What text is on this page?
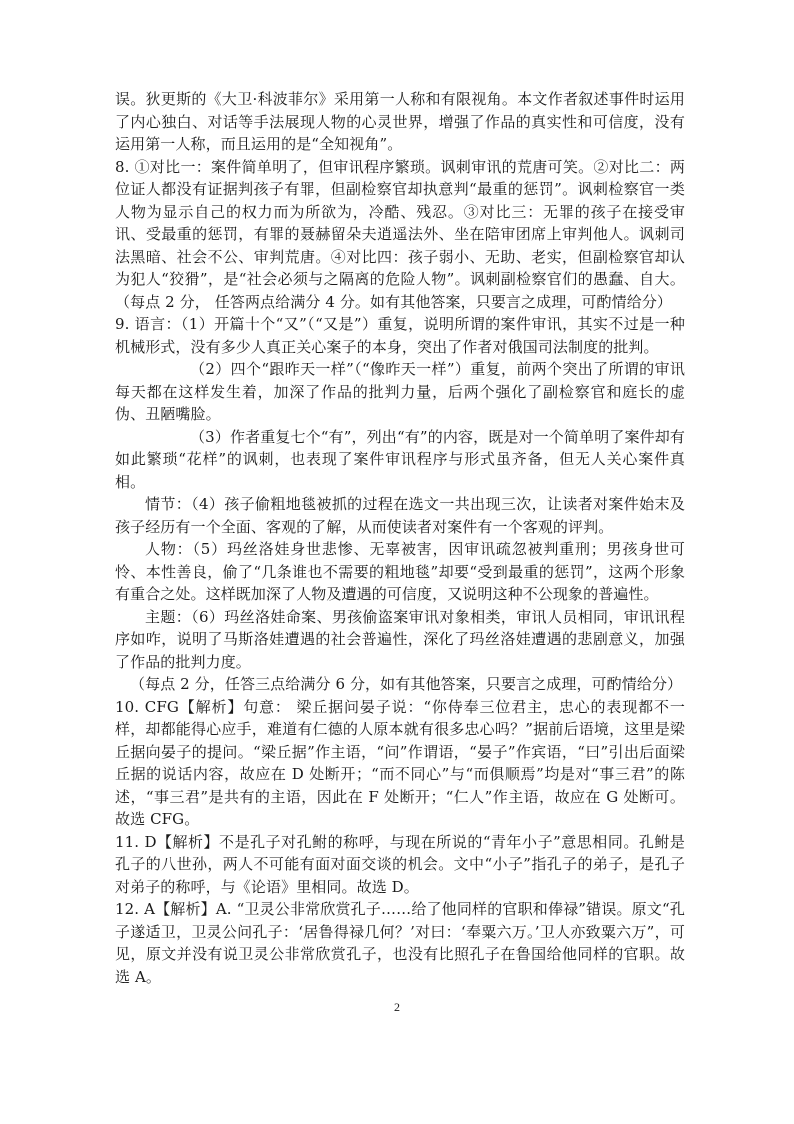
误。狄更斯的《大卫·科波菲尔》采用第一人称和有限视角。本文作者叙述事件时运用了内心独白、对话等手法展现人物的心灵世界，增强了作品的真实性和可信度，没有运用第一人称，而且运用的是“全知视角”。

8. ①对比一：案件简单明了，但审讯程序繁琐。讽刺审讯的荒唐可笑。②对比二：两位证人都没有证据判孩子有罪，但副检察官却执意判“最重的惩罚”。讽刺检察官一类人物为显示自己的权力而为所欲为，冷酷、残忍。③对比三：无罪的孩子在接受审讯、受最重的惩罚，有罪的聂赫留朵夫逍遥法外、坐在陪审团席上审判他人。讽刺司法黑暗、社会不公、审判荒唐。④对比四：孩子弱小、无助、老实，但副检察官却认为犯人“狡猾”，是“社会必须与之隔离的危险人物”。讽刺副检察官们的愚蠢、自大。（每点 2 分， 任答两点给满分 4 分。如有其他答案，只要言之成理，可酌情给分）

9. 语言：（1）开篇十个“又”（“又是”）重复，说明所谓的案件审讯，其实不过是一种机械形式，没有多少人真正关心案子的本身，突出了作者对俄国司法制度的批判。

（2）四个“跟昨天一样”（“像昨天一样”）重复，前两个突出了所谓的审讯每天都在这样发生着，加深了作品的批判力量，后两个强化了副检察官和庭长的虚伪、丑陋嘴脸。

（3）作者重复七个“有”，列出“有”的内容，既是对一个简单明了案件却有如此繁琐“花样”的讽刺，也表现了案件审讯程序与形式虽齐备，但无人关心案件真相。

情节：（4）孩子偷粗地毯被抓的过程在选文一共出现三次，让读者对案件始末及孩子经历有一个全面、客观的了解，从而使读者对案件有一个客观的评判。

人物：（5）玛丝洛娃身世悲惨、无辜被害，因审讯疏忽被判重刑；男孩身世可怜、本性善良，偷了“几条谁也不需要的粗地毯”却要“受到最重的惩罚”，这两个形象有重合之处。这样既加深了人物及遭遇的可信度，又说明这种不公现象的普遍性。

主题：（6）玛丝洛娃命案、男孩偷盗案审讯对象相类，审讯人员相同，审讯讯程序如咋，说明了马斯洛娃遭遇的社会普遍性，深化了玛丝洛娃遭遇的悲剧意义，加强了作品的批判力度。

（每点 2 分，任答三点给满分 6 分，如有其他答案，只要言之成理，可酌情给分）

10. CFG【解析】句意： 梁丘据问晏子说：“你侍奉三位君主，忠心的表现都不一样，却都能得心应手，难道有仁德的人原本就有很多忠心吗？”据前后语境，这里是梁丘据向晏子的提问。“梁丘据”作主语，“问”作谓语，“晏子”作宾语，“曰”引出后面梁丘据的说话内容，故应在 D 处断开；“而不同心”与“而俱顺焉”均是对“事三君”的陈述，“事三君”是共有的主语，因此在 F 处断开；“仁人”作主语，故应在 G 处断可。故选 CFG。

11. D【解析】不是孔子对孔鲋的称呼，与现在所说的“青年小子”意思相同。孔鲋是孔子的八世孙，两人不可能有面对面交谈的机会。文中“小子”指孔子的弟子，是孔子对弟子的称呼，与《论语》里相同。故选 D。

12. A【解析】A. “卫灵公非常欣赏孔子……给了他同样的官职和俸禄”错误。原文“孔子遂适卫，卫灵公问孔子：‘居鲁得禄几何？’对曰：‘奉粟六万。’卫人亦致粟六万”，可见，原文并没有说卫灵公非常欣赏孔子，也没有比照孔子在鲁国给他同样的官职。故选 A。

2
